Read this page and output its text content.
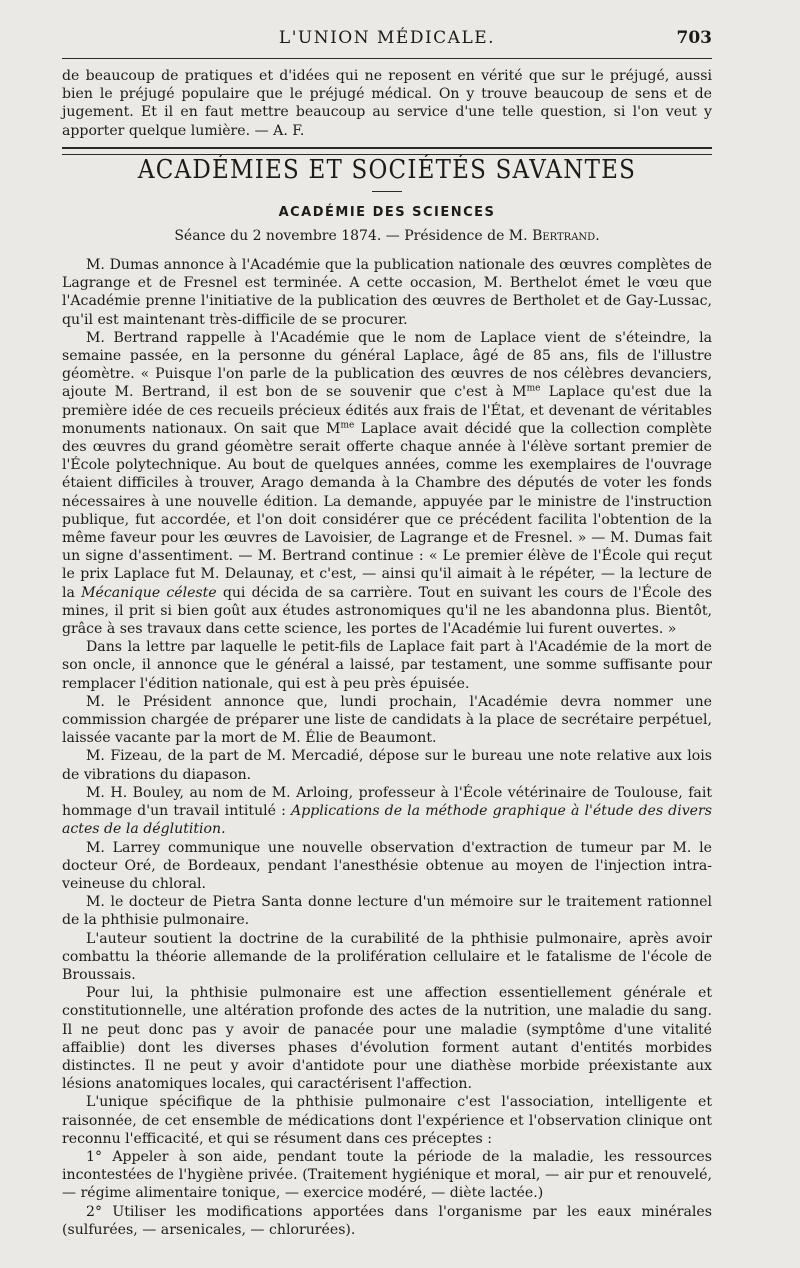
L'UNION MÉDICALE.	703

de beaucoup de pratiques et d'idées qui ne reposent en vérité que sur le préjugé, aussi bien le préjugé populaire que le préjugé médical. On y trouve beaucoup de sens et de jugement. Et il en faut mettre beaucoup au service d'une telle question, si l'on veut y apporter quelque lumière. — A. F.

ACADÉMIES ET SOCIÉTÉS SAVANTES
ACADÉMIE DES SCIENCES
Séance du 2 novembre 1874. — Présidence de M. Bertrand.

M. Dumas annonce à l'Académie que la publication nationale des œuvres complètes de Lagrange et de Fresnel est terminée. A cette occasion, M. Berthelot émet le vœu que l'Académie prenne l'initiative de la publication des œuvres de Bertholet et de Gay-Lussac, qu'il est maintenant très-difficile de se procurer.

M. Bertrand rappelle à l'Académie que le nom de Laplace vient de s'éteindre, la semaine passée, en la personne du général Laplace, âgé de 85 ans, fils de l'illustre géomètre. « Puisque l'on parle de la publication des œuvres de nos célèbres devanciers, ajoute M. Bertrand, il est bon de se souvenir que c'est à $M^{me}$ Laplace qu'est due la première idée de ces recueils précieux édités aux frais de l'État, et devenant de véritables monuments nationaux. On sait que $M^{me}$ Laplace avait décidé que la collection complète des œuvres du grand géomètre serait offerte chaque année à l'élève sortant premier de l'École polytechnique. Au bout de quelques années, comme les exemplaires de l'ouvrage étaient difficiles à trouver, Arago demanda à la Chambre des députés de voter les fonds nécessaires à une nouvelle édition. La demande, appuyée par le ministre de l'instruction publique, fut accordée, et l'on doit considérer que ce précédent facilita l'obtention de la même faveur pour les œuvres de Lavoisier, de Lagrange et de Fresnel. » — M. Dumas fait un signe d'assentiment. — M. Bertrand continue : « Le premier élève de l'École qui reçut le prix Laplace fut M. Delaunay, et c'est, — ainsi qu'il aimait à le répéter, — la lecture de la Mécanique céleste qui décida de sa carrière. Tout en suivant les cours de l'École des mines, il prit si bien goût aux études astronomiques qu'il ne les abandonna plus. Bientôt, grâce à ses travaux dans cette science, les portes de l'Académie lui furent ouvertes. »

Dans la lettre par laquelle le petit-fils de Laplace fait part à l'Académie de la mort de son oncle, il annonce que le général a laissé, par testament, une somme suffisante pour remplacer l'édition nationale, qui est à peu près épuisée.

M. le Président annonce que, lundi prochain, l'Académie devra nommer une commission chargée de préparer une liste de candidats à la place de secrétaire perpétuel, laissée vacante par la mort de M. Élie de Beaumont.

M. Fizeau, de la part de M. Mercadié, dépose sur le bureau une note relative aux lois de vibrations du diapason.

M. H. Bouley, au nom de M. Arloing, professeur à l'École vétérinaire de Toulouse, fait hommage d'un travail intitulé : Applications de la méthode graphique à l'étude des divers actes de la déglutition.

M. Larrey communique une nouvelle observation d'extraction de tumeur par M. le docteur Oré, de Bordeaux, pendant l'anesthésie obtenue au moyen de l'injection intra-veineuse du chloral.

M. le docteur de Pietra Santa donne lecture d'un mémoire sur le traitement rationnel de la phthisie pulmonaire.

L'auteur soutient la doctrine de la curabilité de la phthisie pulmonaire, après avoir combattu la théorie allemande de la prolifération cellulaire et le fatalisme de l'école de Broussais.

Pour lui, la phthisie pulmonaire est une affection essentiellement générale et constitutionnelle, une altération profonde des actes de la nutrition, une maladie du sang. Il ne peut donc pas y avoir de panacée pour une maladie (symptôme d'une vitalité affaiblie) dont les diverses phases d'évolution forment autant d'entités morbides distinctes. Il ne peut y avoir d'antidote pour une diathèse morbide préexistante aux lésions anatomiques locales, qui caractérisent l'affection.

L'unique spécifique de la phthisie pulmonaire c'est l'association, intelligente et raisonnée, de cet ensemble de médications dont l'expérience et l'observation clinique ont reconnu l'efficacité, et qui se résument dans ces préceptes :

1° Appeler à son aide, pendant toute la période de la maladie, les ressources incontestées de l'hygiène privée. (Traitement hygiénique et moral, — air pur et renouvelé, — régime alimentaire tonique, — exercice modéré, — diète lactée.)

2° Utiliser les modifications apportées dans l'organisme par les eaux minérales (sulfurées, — arsenicales, — chlorurées).
